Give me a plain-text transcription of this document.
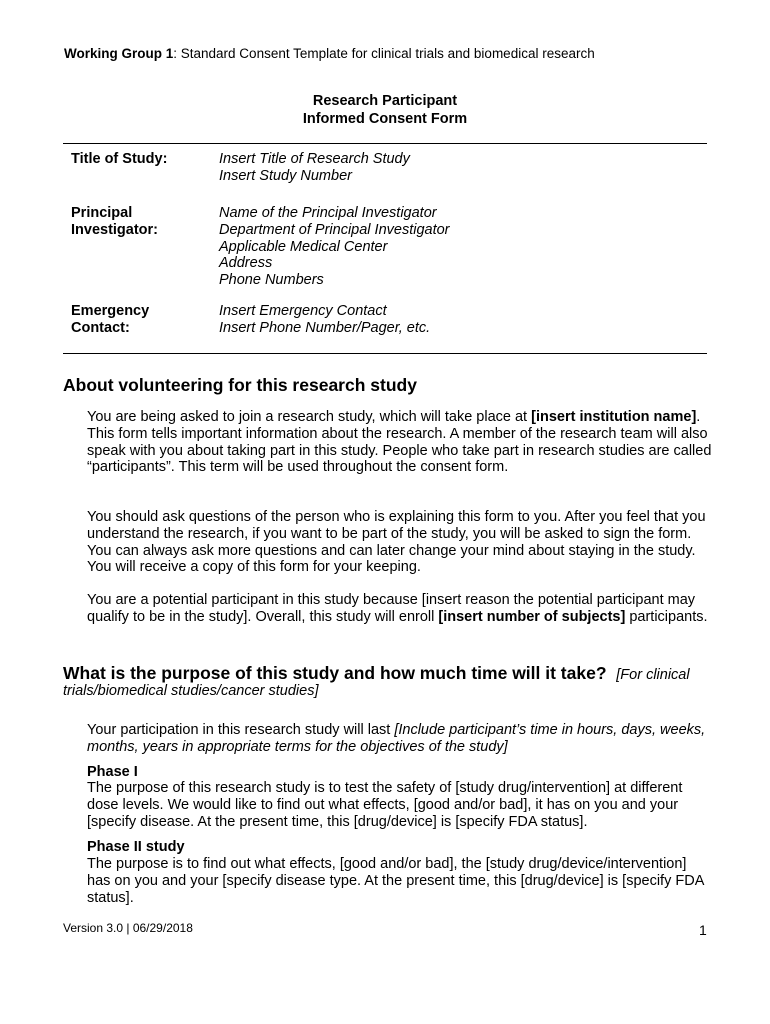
Working Group 1: Standard Consent Template for clinical trials and biomedical research
Research Participant
Informed Consent Form
Title of Study:	Insert Title of Research Study
Insert Study Number
Principal
Investigator:
Name of the Principal Investigator
Department of Principal Investigator
Applicable Medical Center
Address
Phone Numbers
Emergency
Contact:
Insert Emergency Contact
Insert Phone Number/Pager, etc.
About volunteering for this research study
You are being asked to join a research study, which will take place at [insert institution name]. This form tells important information about the research. A member of the research team will also speak with you about taking part in this study. People who take part in research studies are called “participants”. This term will be used throughout the consent form.
You should ask questions of the person who is explaining this form to you. After you feel that you understand the research, if you want to be part of the study, you will be asked to sign the form. You can always ask more questions and can later change your mind about staying in the study. You will receive a copy of this form for your keeping.
You are a potential participant in this study because [insert reason the potential participant may qualify to be in the study]. Overall, this study will enroll [insert number of subjects] participants.
What is the purpose of this study and how much time will it take? [For clinical
trials/biomedical studies/cancer studies]
Your participation in this research study will last [Include participant’s time in hours, days, weeks, months, years in appropriate terms for the objectives of the study]
Phase I
The purpose of this research study is to test the safety of [study drug/intervention] at different dose levels. We would like to find out what effects, [good and/or bad], it has on you and your [specify disease. At the present time, this [drug/device] is [specify FDA status].
Phase II study
The purpose is to find out what effects, [good and/or bad], the [study drug/device/intervention] has on you and your [specify disease type. At the present time, this [drug/device] is [specify FDA status].
Version 3.0 | 06/29/2018	1
